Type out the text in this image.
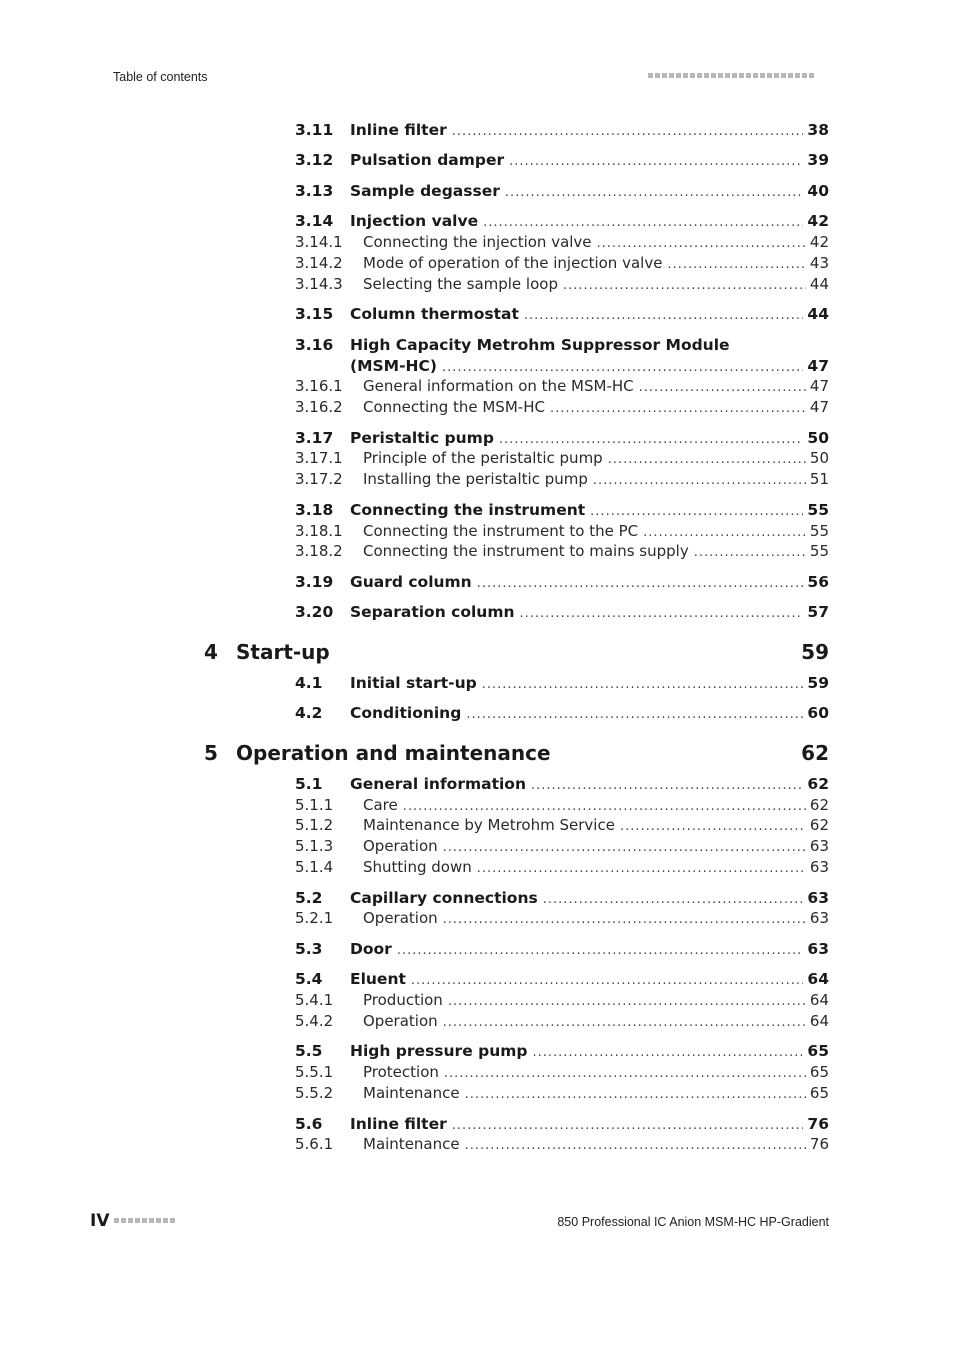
Table of contents
3.11	Inline filter .....	38
3.12	Pulsation damper .....	39
3.13	Sample degasser .....	40
3.14	Injection valve .....	42
3.14.1	Connecting the injection valve .....	42
3.14.2	Mode of operation of the injection valve .....	43
3.14.3	Selecting the sample loop .....	44
3.15	Column thermostat .....	44
3.16 High Capacity Metrohm Suppressor Module
(MSM-HC) .....	47
3.16.1	General information on the MSM-HC .....	47
3.16.2	Connecting the MSM-HC .....	47
3.17	Peristaltic pump .....	50
3.17.1	Principle of the peristaltic pump .....	50
3.17.2	Installing the peristaltic pump .....	51
3.18	Connecting the instrument .....	55
3.18.1	Connecting the instrument to the PC .....	55
3.18.2	Connecting the instrument to mains supply .....	55
3.19	Guard column .....	56
3.20	Separation column .....	57
4 Start-up	59
4.1	Initial start-up .....	59
4.2	Conditioning .....	60
5 Operation and maintenance	62
5.1	General information .....	62
5.1.1	Care .....	62
5.1.2	Maintenance by Metrohm Service .....	62
5.1.3	Operation .....	63
5.1.4	Shutting down .....	63
5.2	Capillary connections .....	63
5.2.1	Operation .....	63
5.3	Door .....	63
5.4	Eluent .....	64
5.4.1	Production .....	64
5.4.2	Operation .....	64
5.5	High pressure pump .....	65
5.5.1	Protection .....	65
5.5.2	Maintenance .....	65
5.6	Inline filter .....	76
5.6.1	Maintenance .....	76
IV	850 Professional IC Anion MSM-HC HP-Gradient
